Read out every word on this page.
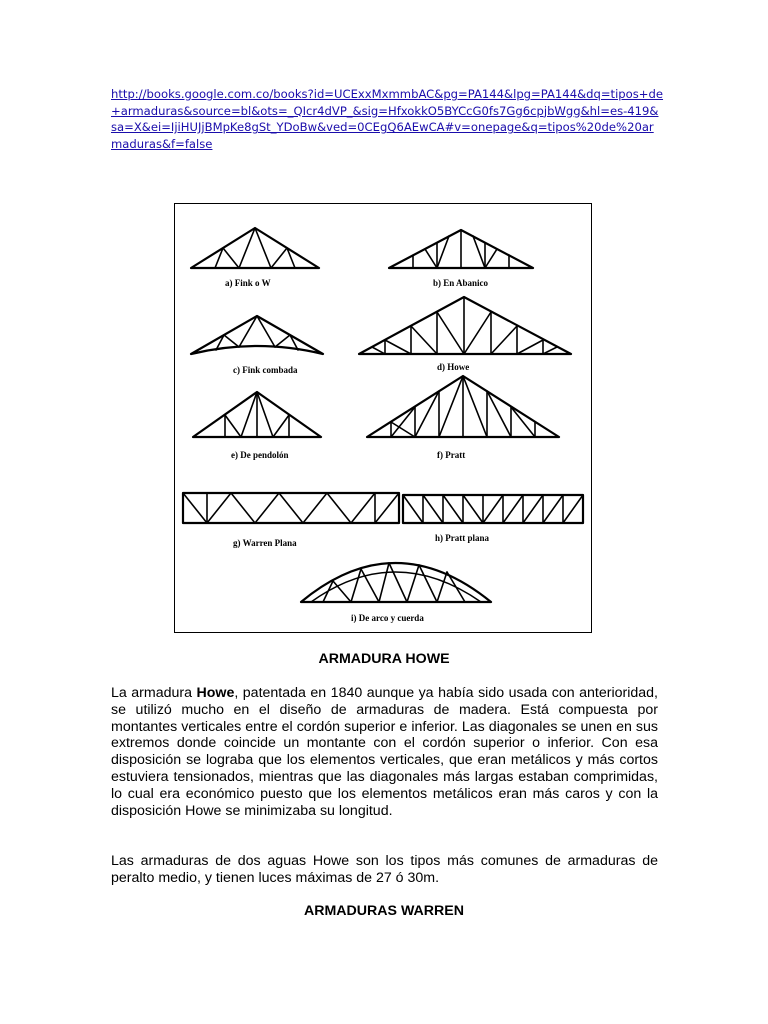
http://books.google.com.co/books?id=UCExxMxmmbAC&pg=PA144&lpg=PA144&dq=tipos+de+armaduras&source=bl&ots=_QIcr4dVP_&sig=HfxokkO5BYCcG0fs7Gg6cpjbWgg&hl=es-419&sa=X&ei=IjiHUJjBMpKe8gSt_YDoBw&ved=0CEgQ6AEwCA#v=onepage&q=tipos%20de%20armaduras&f=false
a) Fink o W	b) En Abanico
c) Fink combada	d) Howe
e) De pendolón	f) Pratt
g) Warren Plana	h) Pratt plana
i) De arco y cuerda
ARMADURA HOWE

La armadura Howe, patentada en 1840 aunque ya había sido usada con anterioridad, se utilizó mucho en el diseño de armaduras de madera. Está compuesta por montantes verticales entre el cordón superior e inferior. Las diagonales se unen en sus extremos donde coincide un montante con el cordón superior o inferior. Con esa disposición se lograba que los elementos verticales, que eran metálicos y más cortos estuviera tensionados, mientras que las diagonales más largas estaban comprimidas, lo cual era económico puesto que los elementos metálicos eran más caros y con la disposición Howe se minimizaba su longitud.

Las armaduras de dos aguas Howe son los tipos más comunes de armaduras de peralto medio, y tienen luces máximas de 27 ó 30m.

ARMADURAS WARREN
